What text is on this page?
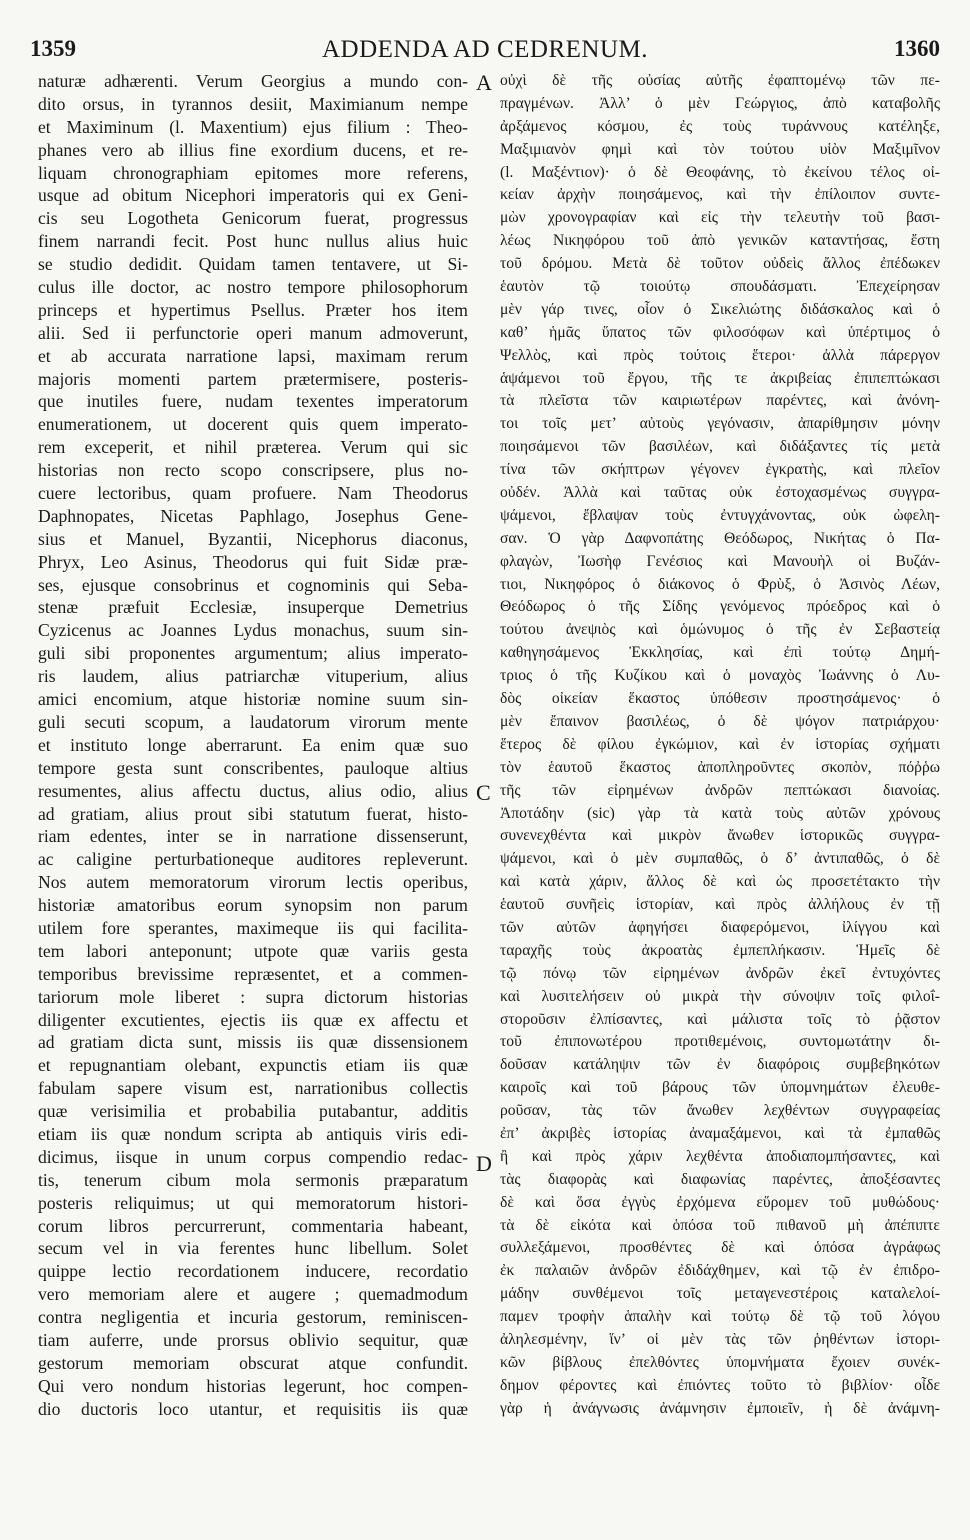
1359	ADDENDA AD CEDRENUM.	1360
naturæ adhærenti. Verum Georgius a mundo con-
dito orsus, in tyrannos desiit, Maximianum nempe
et Maximinum (l. Maxentium) ejus filium : Theo-
phanes vero ab illius fine exordium ducens, et re-
liquam chronographiam epitomes more referens,
usque ad obitum Nicephori imperatoris qui ex Geni-
cis seu Logotheta Genicorum fuerat, progressus
finem narrandi fecit. Post hunc nullus alius huic
se studio dedidit. Quidam tamen tentavere, ut Si-
culus ille doctor, ac nostro tempore philosophorum
princeps et hypertimus Psellus. Præter hos item
alii. Sed ii perfunctorie operi manum admoverunt,
et ab accurata narratione lapsi, maximam rerum
majoris momenti partem prætermisere, posteris-
que inutiles fuere, nudam texentes imperatorum
enumerationem, ut docerent quis quem imperato-
rem exceperit, et nihil præterea. Verum qui sic
historias non recto scopo conscripsere, plus no-
cuere lectoribus, quam profuere. Nam Theodorus
Daphnopates, Nicetas Paphlago, Josephus Gene-
sius et Manuel, Byzantii, Nicephorus diaconus,
Phryx, Leo Asinus, Theodorus qui fuit Sidæ præ-
ses, ejusque consobrinus et cognominis qui Seba-
stenæ præfuit Ecclesiæ, insuperque Demetrius
Cyzicenus ac Joannes Lydus monachus, suum sin-
guli sibi proponentes argumentum; alius imperato-
ris laudem, alius patriarchæ vituperium, alius
amici encomium, atque historiæ nomine suum sin-
guli secuti scopum, a laudatorum virorum mente
et instituto longe aberrarunt. Ea enim quæ suo
tempore gesta sunt conscribentes, pauloque altius
resumentes, alius affectu ductus, alius odio, alius
ad gratiam, alius prout sibi statutum fuerat, histo-
riam edentes, inter se in narratione dissenserunt,
ac caligine perturbationeque auditores repleverunt.
Nos autem memoratorum virorum lectis operibus,
historiæ amatoribus eorum synopsim non parum
utilem fore sperantes, maximeque iis qui facilita-
tem labori anteponunt; utpote quæ variis gesta
temporibus brevissime repræsentet, et a commen-
tariorum mole liberet : supra dictorum historias
diligenter excutientes, ejectis iis quæ ex affectu et
ad gratiam dicta sunt, missis iis quæ dissensionem
et repugnantiam olebant, expunctis etiam iis quæ
fabulam sapere visum est, narrationibus collectis
quæ verisimilia et probabilia putabantur, additis
etiam iis quæ nondum scripta ab antiquis viris edi-
dicimus, iisque in unum corpus compendio redac-
tis, tenerum cibum mola sermonis præparatum
posteris reliquimus; ut qui memoratorum histori-
corum libros percurrerunt, commentaria habeant,
secum vel in via ferentes hunc libellum. Solet
quippe lectio recordationem inducere, recordatio
vero memoriam alere et augere ; quemadmodum
contra negligentia et incuria gestorum, reminiscen-
tiam auferre, unde prorsus oblivio sequitur, quæ
gestorum memoriam obscurat atque confundit.
Qui vero nondum historias legerunt, hoc compen-
dio ductoris loco utantur, et requisitis iis quæ
οὐχὶ δὲ τῆς οὐσίας αὐτῆς ἐφαπτομένῳ τῶν πε-
πραγμένων. Ἀλλ’ ὁ μὲν Γεώργιος, ἀπὸ καταβολῆς
ἀρξάμενος κόσμου, ἐς τοὺς τυράννους κατέληξε,
Μαξιμιανὸν φημὶ καὶ τὸν τούτου υἱὸν Μαξιμῖνον
(l. Μαξέντιον)· ὁ δὲ Θεοφάνης, τὸ ἐκείνου τέλος οἰ-
κείαν ἀρχὴν ποιησάμενος, καὶ τὴν ἐπίλοιπον συντε-
μὼν χρονογραφίαν καὶ εἰς τὴν τελευτὴν τοῦ βασι-
λέως Νικηφόρου τοῦ ἀπὸ γενικῶν καταντήσας, ἔστη
τοῦ δρόμου. Μετὰ δὲ τοῦτον οὐδεὶς ἄλλος ἐπέδωκεν
ἑαυτὸν τῷ τοιούτῳ σπουδάσματι. Ἐπεχείρησαν
μὲν γάρ τινες, οἷον ὁ Σικελιώτης διδάσκαλος καὶ ὁ
καθ’ ἡμᾶς ὕπατος τῶν φιλοσόφων καὶ ὑπέρτιμος ὁ
Ψελλὸς, καὶ πρὸς τούτοις ἕτεροι· ἀλλὰ πάρεργον
ἁψάμενοι τοῦ ἔργου, τῆς τε ἀκριβείας ἐπιπεπτώκασι
τὰ πλεῖστα τῶν καιριωτέρων παρέντες, καὶ ἀνόνη-
τοι τοῖς μετ’ αὐτοὺς γεγόνασιν, ἀπαρίθμησιν μόνην
ποιησάμενοι τῶν βασιλέων, καὶ διδάξαντες τίς μετὰ
τίνα τῶν σκήπτρων γέγονεν ἐγκρατὴς, καὶ πλεῖον
οὐδέν. Ἀλλὰ καὶ ταῦτας οὐκ ἐστοχασμένως συγγρα-
ψάμενοι, ἔβλαψαν τοὺς ἐντυγχάνοντας, οὐκ ὠφελη-
σαν. Ὁ γὰρ Δαφνοπάτης Θεόδωρος, Νικήτας ὁ Πα-
φλαγὼν, Ἰωσὴφ Γενέσιος καὶ Μανουὴλ οἱ Βυζάν-
τιοι, Νικηφόρος ὁ διάκονος ὁ Φρὺξ, ὁ Ἀσινὸς Λέων,
Θεόδωρος ὁ τῆς Σίδης γενόμενος πρόεδρος καὶ ὁ
τούτου ἀνεψιὸς καὶ ὁμώνυμος ὁ τῆς ἐν Σεβαστείᾳ
καθηγησάμενος Ἐκκλησίας, καὶ ἐπὶ τούτῳ Δημή-
τριος ὁ τῆς Κυζίκου καὶ ὁ μοναχὸς Ἰωάννης ὁ Λυ-
δὸς οἰκείαν ἕκαστος ὑπόθεσιν προστησάμενος· ὁ
μὲν ἔπαινον βασιλέως, ὁ δὲ ψόγον πατριάρχου·
ἕτερος δὲ φίλου ἐγκώμιον, καὶ ἐν ἱστορίας σχήματι
τὸν ἑαυτοῦ ἕκαστος ἀποπληροῦντες σκοπὸν, πόῤῥω
τῆς τῶν εἰρημένων ἀνδρῶν πεπτώκασι διανοίας.
Ἀποτάδην (sic) γὰρ τὰ κατὰ τοὺς αὐτῶν χρόνους
συνενεχθέντα καὶ μικρὸν ἄνωθεν ἱστορικῶς συγγρα-
ψάμενοι, καὶ ὁ μὲν συμπαθῶς, ὁ δ’ ἀντιπαθῶς, ὁ δὲ
καὶ κατὰ χάριν, ἄλλος δὲ καὶ ὡς προσετέτακτο τὴν
ἑαυτοῦ συνῆεὶς ἱστορίαν, καὶ πρὸς ἀλλήλους ἐν τῇ
τῶν αὐτῶν ἀφηγήσει διαφερόμενοι, ἰλίγγου καὶ
ταραχῆς τοὺς ἀκροατὰς ἐμπεπλήκασιν. Ἡμεῖς δὲ
τῷ πόνῳ τῶν εἰρημένων ἀνδρῶν ἐκεῖ ἐντυχόντες
καὶ λυσιτελήσειν οὐ μικρὰ τὴν σύνοψιν τοῖς φιλοΐ-
στοροῦσιν ἐλπίσαντες, καὶ μάλιστα τοῖς τὸ ῥᾷστον
τοῦ ἐπιπονωτέρου προτιθεμένοις, συντομωτάτην δι-
δοῦσαν κατάληψιν τῶν ἐν διαφόροις συμβεβηκότων
καιροῖς καὶ τοῦ βάρους τῶν ὑπομνημάτων ἐλευθε-
ροῦσαν, τὰς τῶν ἄνωθεν λεχθέντων συγγραφείας
ἐπ’ ἀκριβὲς ἱστορίας ἀναμαξάμενοι, καὶ τὰ ἐμπαθῶς
ἢ καὶ πρὸς χάριν λεχθέντα ἀποδιαπομπήσαντες, καὶ
τὰς διαφορὰς καὶ διαφωνίας παρέντες, ἀποξέσαντες
δὲ καὶ ὅσα ἐγγὺς ἐρχόμενα εὕρομεν τοῦ μυθώδους·
τὰ δὲ εἰκότα καὶ ὁπόσα τοῦ πιθανοῦ μὴ ἀπέπιπτε
συλλεξάμενοι, προσθέντες δὲ καὶ ὁπόσα ἀγράφως
ἐκ παλαιῶν ἀνδρῶν ἐδιδάχθημεν, καὶ τῷ ἐν ἐπιδρο-
μάδην συνθέμενοι τοῖς μεταγενεστέροις καταλελοί-
παμεν τροφὴν ἁπαλὴν καὶ τούτῳ δὲ τῷ τοῦ λόγου
ἀληλεσμένην, ἵν’ οἱ μὲν τὰς τῶν ῥηθέντων ἱστορι-
κῶν βίβλους ἐπελθόντες ὑπομνήματα ἔχοιεν συνέκ-
δημον φέροντες καὶ ἐπιόντες τοῦτο τὸ βιβλίον· οἶδε
γὰρ ἡ ἀνάγνωσις ἀνάμνησιν ἐμποιεῖν, ἡ δὲ ἀνάμνη-
A
C
D
